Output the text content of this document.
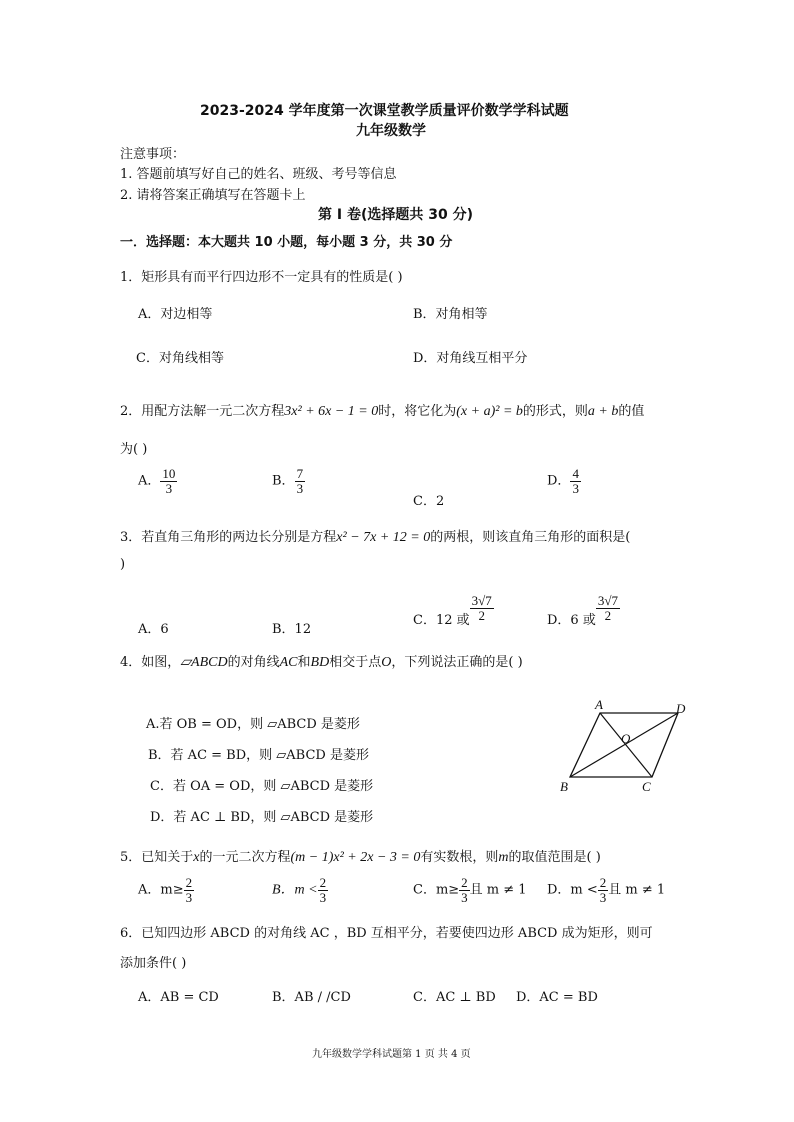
2023-2024 学年度第一次课堂教学质量评价数学学科试题
九年级数学
注意事项：
1. 答题前填写好自己的姓名、班级、考号等信息
2. 请将答案正确填写在答题卡上
第 I 卷(选择题共 30 分)
一．选择题：本大题共 10 小题，每小题 3 分，共 30 分
1．矩形具有而平行四边形不一定具有的性质是( )
A．对边相等	B．对角相等
C．对角线相等	D．对角线互相平分
2．用配方法解一元二次方程3x² + 6x − 1 = 0时，将它化为(x + a)² = b的形式，则a + b的值
为( )
A． $\frac{10}{3}$	B． $\frac{7}{3}$
C．2
D． $\frac{4}{3}$
3．若直角三角形的两边长分别是方程x² − 7x + 12 = 0的两根，则该直角三角形的面积是(
)
A．6	B．12
C．12 或 $\frac{3√7}{2}$	D．6 或 $\frac{3√7}{2}$
4．如图，▱ABCD的对角线AC和BD相交于点O，下列说法正确的是( )
A.若 OB = OD，则 ▱ABCD 是菱形
B．若 AC = BD，则 ▱ABCD 是菱形
C．若 OA = OD，则 ▱ABCD 是菱形
D．若 AC ⊥ BD，则 ▱ABCD 是菱形
A	D
O
B	C
5．已知关于x的一元二次方程(m − 1)x² + 2x − 3 = 0有实数根，则m的取值范围是( )
A．$m\ge \frac{2}{3}$	B．$m < \frac{2}{3}$	C．$m\ge \frac{2}{3}$ 且 m ≠ 1 D．$m < \frac{2}{3}$ 且 m ≠ 1
6．已知四边形 ABCD 的对角线 AC ，BD 互相平分，若要使四边形 ABCD 成为矩形，则可
添加条件( )
A．AB = CD	B．AB / /CD	C．AC ⊥ BD D．AC = BD
九年级数学学科试题第 1 页 共 4 页
